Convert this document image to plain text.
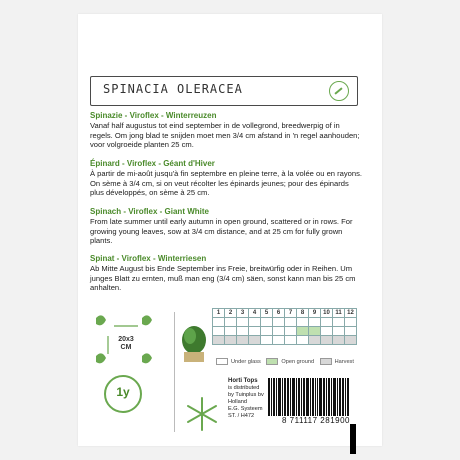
SPINACIA OLERACEA
Spinazie - Viroflex - Winterreuzen
Vanaf half augustus tot eind september in de vollegrond, breedwerpig of in regels. Om jong blad te snijden moet men 3/4 cm afstand in 'n regel aanhouden; voor volgroeide planten 25 cm.
Épinard - Viroflex - Géant d'Hiver
À partir de mi-août jusqu'à fin septembre en pleine terre, à la volée ou en rayons. On sème à 3/4 cm, si on veut récolter les épinards jeunes; pour des épinards plus développés, on sème à 25 cm.
Spinach - Viroflex - Giant White
From late summer until early autumn in open ground, scattered or in rows. For growing young leaves, sow at 3/4 cm distance, and at 25 cm for fully grown plants.
Spinat - Viroflex - Winterriesen
Ab Mitte August bis Ende September ins Freie, breitwürfig oder in Reihen. Um junges Blatt zu ernten, muß man eng (3/4 cm) säen, sonst kann man bis 25 cm anhalten.
20x3
CM
1y
1	2	3	4	5	6	7	8	9	10	11	12

Under glass	Open ground	Harvest
Horti Tops
is distributed
by Tuinplus bv
Holland
E.G. Systeem
ST. / H472	8 711117 281900
